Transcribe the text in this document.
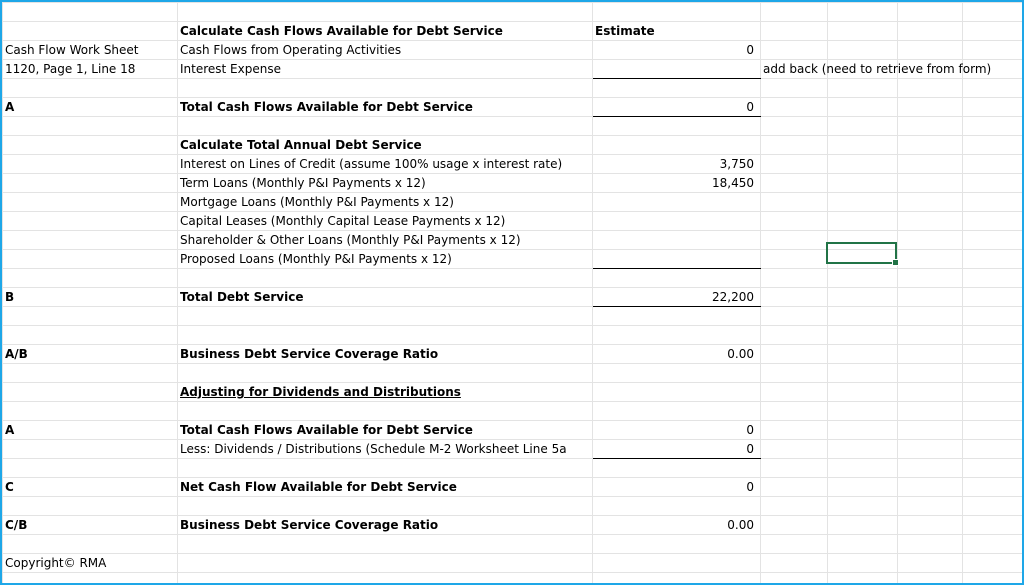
	Calculate Cash Flows Available for Debt Service	Estimate				
Cash Flow Work Sheet	Cash Flows from Operating Activities	0				
1120, Page 1, Line 18	Interest Expense		add back (need to retrieve from form)			

A	Total Cash Flows Available for Debt Service	0				

	Calculate Total Annual Debt Service					
	Interest on Lines of Credit (assume 100% usage x interest rate)	3,750				
	Term Loans (Monthly P&I Payments x 12)	18,450				
	Mortgage Loans (Monthly P&I Payments x 12)					
	Capital Leases (Monthly Capital Lease Payments x 12)					
	Shareholder & Other Loans (Monthly P&I Payments x 12)					
	Proposed Loans (Monthly P&I Payments x 12)					

B	Total Debt Service	22,200				

A/B	Business Debt Service Coverage Ratio	0.00				

	Adjusting for Dividends and Distributions					

A	Total Cash Flows Available for Debt Service	0				
	Less: Dividends / Distributions (Schedule M-2 Worksheet Line 5a	0				

C	Net Cash Flow Available for Debt Service	0				

C/B	Business Debt Service Coverage Ratio	0.00				

Copyright© RMA						
